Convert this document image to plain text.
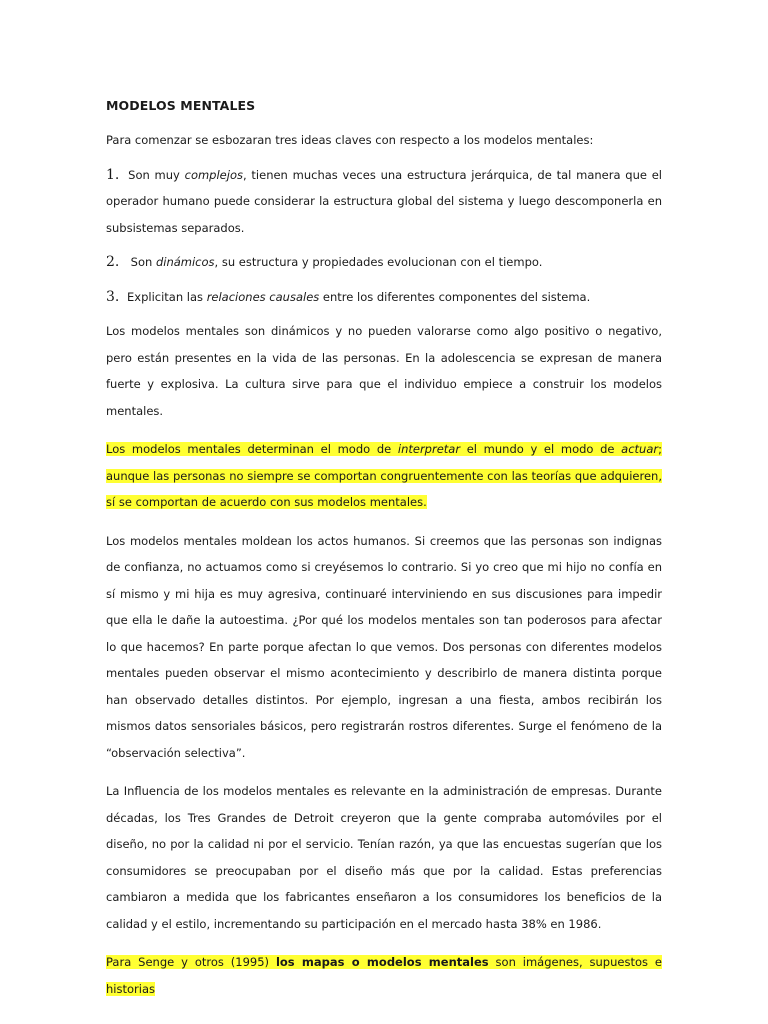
MODELOS MENTALES

Para comenzar se esbozaran tres ideas claves con respecto a los modelos mentales:

1. Son muy complejos, tienen muchas veces una estructura jerárquica, de tal manera que el operador humano puede considerar la estructura global del sistema y luego descomponerla en subsistemas separados.

2.  Son dinámicos, su estructura y propiedades evolucionan con el tiempo.

3. Explicitan las relaciones causales entre los diferentes componentes del sistema.

Los modelos mentales son dinámicos y no pueden valorarse como algo positivo o negativo, pero están presentes en la vida de las personas. En la adolescencia se expresan de manera fuerte y explosiva. La cultura sirve para que el individuo empiece a construir los modelos mentales.

Los modelos mentales determinan el modo de interpretar el mundo y el modo de actuar; aunque las personas no siempre se comportan congruentemente con las teorías que adquieren, sí se comportan de acuerdo con sus modelos mentales.

Los modelos mentales moldean los actos humanos. Si creemos que las personas son indignas de confianza, no actuamos como si creyésemos lo contrario. Si yo creo que mi hijo no confía en sí mismo y mi hija es muy agresiva, continuaré interviniendo en sus discusiones para impedir que ella le dañe la autoestima. ¿Por qué los modelos mentales son tan poderosos para afectar lo que hacemos? En parte porque afectan lo que vemos. Dos personas con diferentes modelos mentales pueden observar el mismo acontecimiento y describirlo de manera distinta porque han observado detalles distintos. Por ejemplo, ingresan a una fiesta, ambos recibirán los mismos datos sensoriales básicos, pero registrarán rostros diferentes. Surge el fenómeno de la “observación selectiva”.

La Influencia de los modelos mentales es relevante en la administración de empresas. Durante décadas, los Tres Grandes de Detroit creyeron que la gente compraba automóviles por el diseño, no por la calidad ni por el servicio. Tenían razón, ya que las encuestas sugerían que los consumidores se preocupaban por el diseño más que por la calidad. Estas preferencias cambiaron a medida que los fabricantes enseñaron a los consumidores los beneficios de la calidad y el estilo, incrementando su participación en el mercado hasta 38% en 1986.

Para Senge y otros (1995) los mapas o modelos mentales son imágenes, supuestos e historias
